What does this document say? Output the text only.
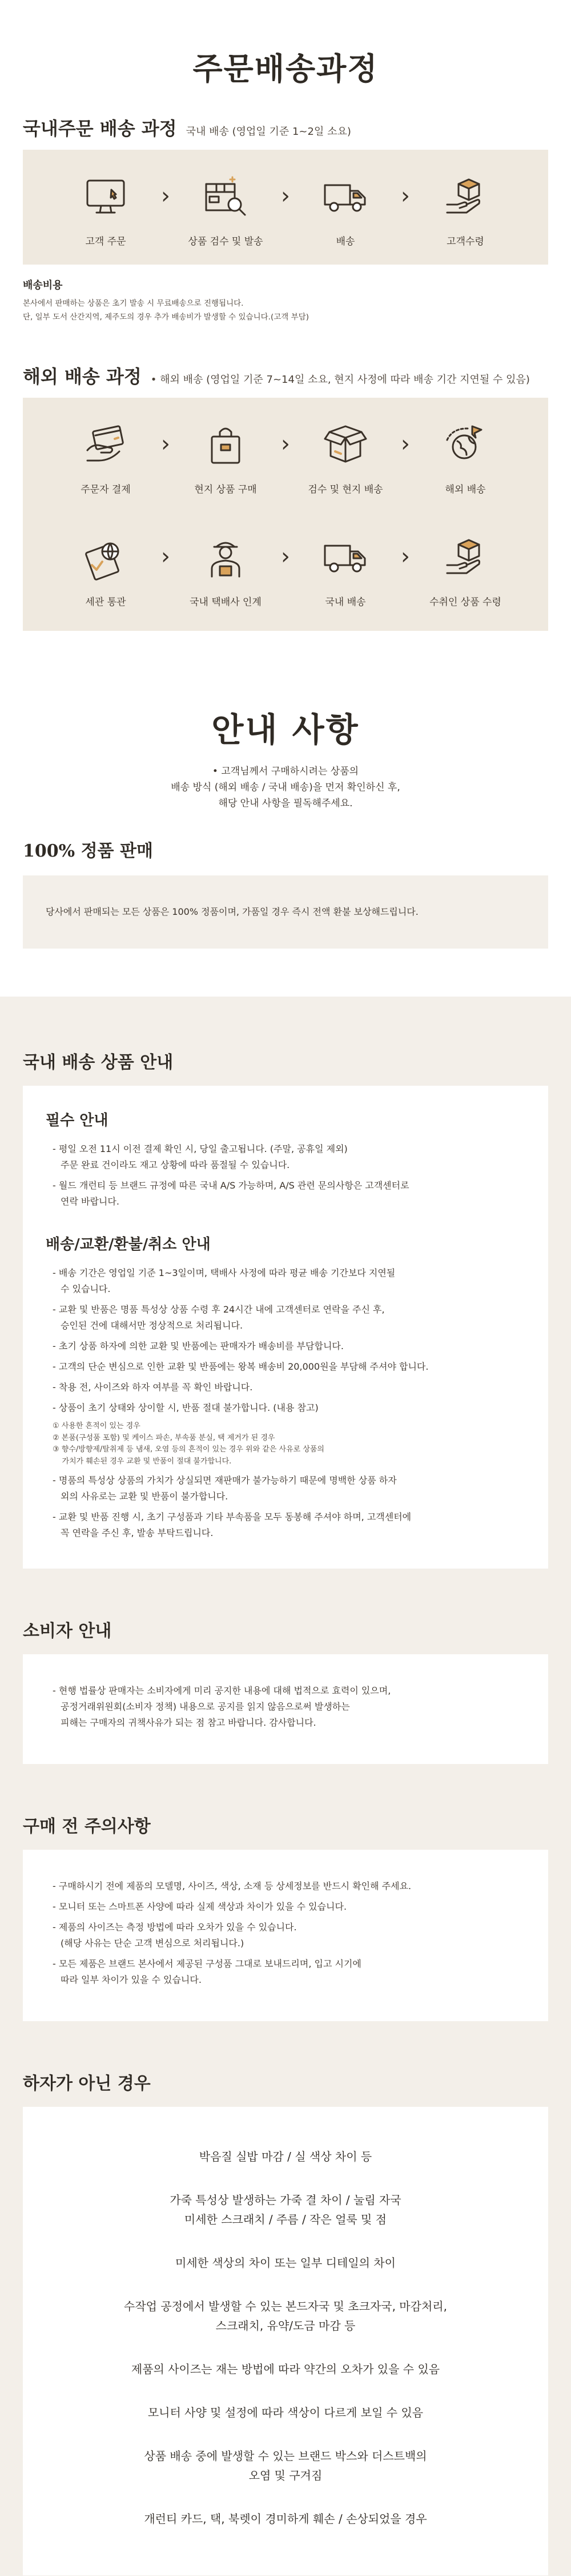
주문배송과정
국내주문 배송 과정 국내 배송 (영업일 기준 1~2일 소요)
고객 주문
›
상품 검수 및 발송
›
배송
›
고객수령
배송비용

본사에서 판매하는 상품은 초기 발송 시 무료배송으로 진행됩니다.

단, 일부 도서 산간지역, 제주도의 경우 추가 배송비가 발생할 수 있습니다.(고객 부담)

해외 배송 과정 • 해외 배송 (영업일 기준 7~14일 소요, 현지 사정에 따라 배송 기간 지연될 수 있음)
주문자 결제
›
현지 상품 구매
›
검수 및 현지 배송
›
해외 배송
세관 통관
›
국내 택배사 인계
›
국내 배송
›
수취인 상품 수령
안내 사항
• 고객님께서 구매하시려는 상품의
배송 방식 (해외 배송 / 국내 배송)을 먼저 확인하신 후,
해당 안내 사항을 필독해주세요.
100% 정품 판매

당사에서 판매되는 모든 상품은 100% 정품이며, 가품일 경우 즉시 전액 환불 보상해드립니다.

국내 배송 상품 안내
필수 안내
- 평일 오전 11시 이전 결제 확인 시, 당일 출고됩니다. (주말, 공휴일 제외)
주문 완료 건이라도 재고 상황에 따라 품절될 수 있습니다.
- 월드 개런티 등 브랜드 규정에 따른 국내 A/S 가능하며, A/S 관련 문의사항은 고객센터로
연락 바랍니다.
배송/교환/환불/취소 안내
- 배송 기간은 영업일 기준 1~3일이며, 택배사 사정에 따라 평균 배송 기간보다 지연될
수 있습니다.
- 교환 및 반품은 명품 특성상 상품 수령 후 24시간 내에 고객센터로 연락을 주신 후,
승인된 건에 대해서만 정상적으로 처리됩니다.
- 초기 상품 하자에 의한 교환 및 반품에는 판매자가 배송비를 부담합니다.
- 고객의 단순 변심으로 인한 교환 및 반품에는 왕복 배송비 20,000원을 부담해 주셔야 합니다.
- 착용 전, 사이즈와 하자 여부를 꼭 확인 바랍니다.
- 상품이 초기 상태와 상이할 시, 반품 절대 불가합니다. (내용 참고)
① 사용한 흔적이 있는 경우
② 본품(구성품 포함) 및 케이스 파손, 부속품 분실, 택 제거가 된 경우
③ 향수/방향제/탈취제 등 냄새, 오염 등의 흔적이 있는 경우 위와 같은 사유로 상품의
가치가 훼손된 경우 교환 및 반품이 절대 불가합니다.
- 명품의 특성상 상품의 가치가 상실되면 재판매가 불가능하기 때문에 명백한 상품 하자
외의 사유로는 교환 및 반품이 불가합니다.
- 교환 및 반품 진행 시, 초기 구성품과 기타 부속품을 모두 동봉해 주셔야 하며, 고객센터에
꼭 연락을 주신 후, 발송 부탁드립니다.
소비자 안내
- 현행 법률상 판매자는 소비자에게 미리 공지한 내용에 대해 법적으로 효력이 있으며,
공정거래위원회(소비자 정책) 내용으로 공지를 읽지 않음으로써 발생하는
피해는 구매자의 귀책사유가 되는 점 참고 바랍니다. 감사합니다.
구매 전 주의사항
- 구매하시기 전에 제품의 모델명, 사이즈, 색상, 소재 등 상세정보를 반드시 확인해 주세요.
- 모니터 또는 스마트폰 사양에 따라 실제 색상과 차이가 있을 수 있습니다.
- 제품의 사이즈는 측정 방법에 따라 오차가 있을 수 있습니다.
(해당 사유는 단순 고객 변심으로 처리됩니다.)
- 모든 제품은 브랜드 본사에서 제공된 구성품 그대로 보내드리며, 입고 시기에
따라 일부 차이가 있을 수 있습니다.
하자가 아닌 경우
박음질 실밥 마감 / 실 색상 차이 등
가죽 특성상 발생하는 가죽 결 차이 / 눌림 자국
미세한 스크래치 / 주름 / 작은 얼룩 및 점
미세한 색상의 차이 또는 일부 디테일의 차이
수작업 공정에서 발생할 수 있는 본드자국 및 초크자국, 마감처리,
스크래치, 유약/도금 마감 등
제품의 사이즈는 재는 방법에 따라 약간의 오차가 있을 수 있음
모니터 사양 및 설정에 따라 색상이 다르게 보일 수 있음
상품 배송 중에 발생할 수 있는 브랜드 박스와 더스트백의
오염 및 구겨짐
개런티 카드, 택, 북렛이 경미하게 훼손 / 손상되었을 경우
